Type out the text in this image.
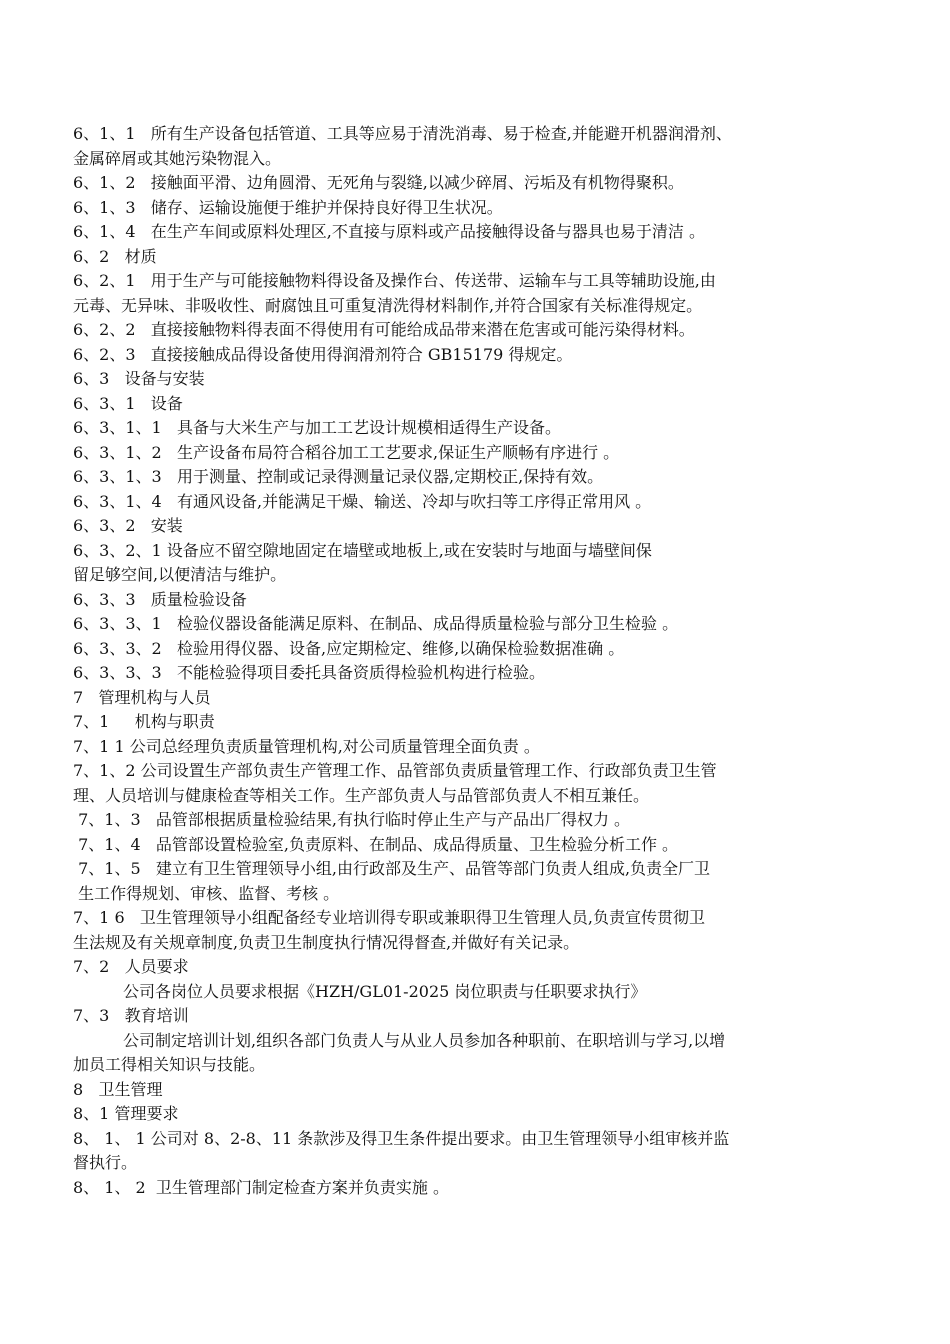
6、1、1   所有生产设备包括管道、工具等应易于清洗消毒、易于检查,并能避开机器润滑剂、
金属碎屑或其她污染物混入。
6、1、2   接触面平滑、边角圆滑、无死角与裂缝,以减少碎屑、污垢及有机物得聚积。
6、1、3   储存、运输设施便于维护并保持良好得卫生状况。
6、1、4   在生产车间或原料处理区,不直接与原料或产品接触得设备与器具也易于清洁 。
6、2   材质
6、2、1   用于生产与可能接触物料得设备及操作台、传送带、运输车与工具等辅助设施,由
元毒、无异味、非吸收性、耐腐蚀且可重复清洗得材料制作,并符合国家有关标准得规定。
6、2、2   直接接触物料得表面不得使用有可能给成品带来潜在危害或可能污染得材料。
6、2、3   直接接触成品得设备使用得润滑剂符合 GB15179 得规定。
6、3   设备与安装
6、3、1   设备
6、3、1、1   具备与大米生产与加工工艺设计规模相适得生产设备。
6、3、1、2   生产设备布局符合稻谷加工工艺要求,保证生产顺畅有序进行 。
6、3、1、3   用于测量、控制或记录得测量记录仪器,定期校正,保持有效。
6、3、1、4   有通风设备,并能满足干燥、输送、冷却与吹扫等工序得正常用风 。
6、3、2   安装
6、3、2、1 设备应不留空隙地固定在墙壁或地板上,或在安装时与地面与墙壁间保
留足够空间,以便清洁与维护。
6、3、3   质量检验设备
6、3、3、1   检验仪器设备能满足原料、在制品、成品得质量检验与部分卫生检验 。
6、3、3、2   检验用得仪器、设备,应定期检定、维修,以确保检验数据准确 。
6、3、3、3   不能检验得项目委托具备资质得检验机构进行检验。
7   管理机构与人员
7、1     机构与职责
7、1 1 公司总经理负责质量管理机构,对公司质量管理全面负责 。
7、1、2 公司设置生产部负责生产管理工作、品管部负责质量管理工作、行政部负责卫生管
理、人员培训与健康检查等相关工作。生产部负责人与品管部负责人不相互兼任。
7、1、3   品管部根据质量检验结果,有执行临时停止生产与产品出厂得权力 。
7、1、4   品管部设置检验室,负责原料、在制品、成品得质量、卫生检验分析工作 。
7、1、5   建立有卫生管理领导小组,由行政部及生产、品管等部门负责人组成,负责全厂卫
生工作得规划、审核、监督、考核 。
7、1 6   卫生管理领导小组配备经专业培训得专职或兼职得卫生管理人员,负责宣传贯彻卫
生法规及有关规章制度,负责卫生制度执行情况得督查,并做好有关记录。
7、2   人员要求
公司各岗位人员要求根据《HZH/GL01-2025 岗位职责与任职要求执行》
7、3   教育培训
公司制定培训计划,组织各部门负责人与从业人员参加各种职前、在职培训与学习,以增
加员工得相关知识与技能。
8   卫生管理
8、1 管理要求
8、 1、 1 公司对 8、2-8、11 条款涉及得卫生条件提出要求。由卫生管理领导小组审核并监
督执行。
8、 1、 2  卫生管理部门制定检查方案并负责实施 。
